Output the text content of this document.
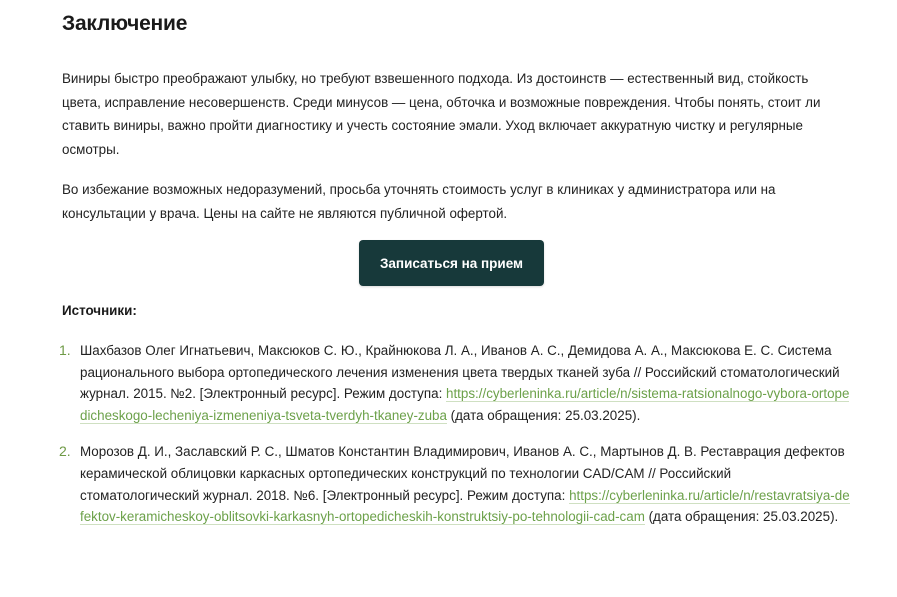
Заключение

Виниры быстро преображают улыбку, но требуют взвешенного подхода. Из достоинств — естественный вид, стойкость цвета, исправление несовершенств. Среди минусов — цена, обточка и возможные повреждения. Чтобы понять, стоит ли ставить виниры, важно пройти диагностику и учесть состояние эмали. Уход включает аккуратную чистку и регулярные осмотры.

Во избежание возможных недоразумений, просьба уточнять стоимость услуг в клиниках у администратора или на консультации у врача. Цены на сайте не являются публичной офертой.

Записаться на прием

Источники:

1. Шахбазов Олег Игнатьевич, Максюков С. Ю., Крайнюкова Л. А., Иванов А. С., Демидова А. А., Максюкова Е. С. Система рационального выбора ортопедического лечения изменения цвета твердых тканей зуба // Российский стоматологический журнал. 2015. №2. [Электронный ресурс]. Режим доступа: https://cyberleninka.ru/article/n/sistema-ratsionalnogo-vybora-ortopedicheskogo-lecheniya-izmeneniya-tsveta-tverdyh-tkaney-zuba (дата обращения: 25.03.2025).
2. Морозов Д. И., Заславский Р. С., Шматов Константин Владимирович, Иванов А. С., Мартынов Д. В. Реставрация дефектов керамической облицовки каркасных ортопедических конструкций по технологии CAD/CAM // Российский стоматологический журнал. 2018. №6. [Электронный ресурс]. Режим доступа: https://cyberleninka.ru/article/n/restavratsiya-defektov-keramicheskoy-oblitsovki-karkasnyh-ortopedicheskih-konstruktsiy-po-tehnologii-cad-cam (дата обращения: 25.03.2025).
